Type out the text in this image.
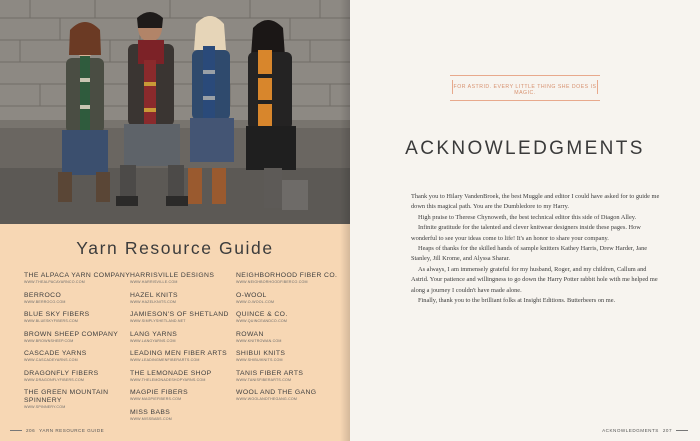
Yarn Resource Guide
THE ALPACA YARN COMPANY
WWW.THEALPACAYARNCO.COM
BERROCO
WWW.BERROCO.COM
BLUE SKY FIBERS
WWW.BLUESKYFIBERS.COM
BROWN SHEEP COMPANY
WWW.BROWNSHEEP.COM
CASCADE YARNS
WWW.CASCADEYARNS.COM
DRAGONFLY FIBERS
WWW.DRAGONFLYFIBERS.COM
THE GREEN MOUNTAIN SPINNERY
WWW.SPINNERY.COM
HARRISVILLE DESIGNS
WWW.HARRISVILLE.COM
HAZEL KNITS
WWW.HAZELKNITS.COM
JAMIESON'S OF SHETLAND
WWW.SIMPLYSHETLAND.NET
LANG YARNS
WWW.LANGYARNS.COM
LEADING MEN FIBER ARTS
WWW.LEADINGMENFIBERARTS.COM
THE LEMONADE SHOP
WWW.THELEMONADESHOPYARNS.COM
MAGPIE FIBERS
WWW.MAGPIEFIBERS.COM
MISS BABS
WWW.MISSBABS.COM
NEIGHBORHOOD FIBER CO.
WWW.NEIGHBORHOODFIBERCO.COM
O-WOOL
WWW.O-WOOL.COM
QUINCE & CO.
WWW.QUINCEANDCO.COM
ROWAN
WWW.KNITROWAN.COM
SHIBUI KNITS
WWW.SHIBUIKNITS.COM
TANIS FIBER ARTS
WWW.TANISFIBERARTS.COM
WOOL AND THE GANG
WWW.WOOLANDTHEGANG.COM
206 YARN RESOURCE GUIDE
FOR ASTRID. EVERY LITTLE THING SHE DOES IS MAGIC.
ACKNOWLEDGMENTS

Thank you to Hilary VandenBroek, the best Muggle and editor I could have asked for to guide me down this magical path. You are the Dumbledore to my Harry.

High praise to Therese Chynoweth, the best technical editor this side of Diagon Alley.

Infinite gratitude for the talented and clever knitwear designers inside these pages. How wonderful to see your ideas come to life! It's an honor to share your company.

Heaps of thanks for the skilled hands of sample knitters Kathey Harris, Drew Harder, Jane Stanley, Jill Krome, and Alyssa Sharar.

As always, I am immensely grateful for my husband, Roger, and my children, Callum and Astrid. Your patience and willingness to go down the Harry Potter rabbit hole with me helped me along a journey I couldn't have made alone.

Finally, thank you to the brilliant folks at Insight Editions. Butterbeers on me.

ACKNOWLEDGMENTS 207
